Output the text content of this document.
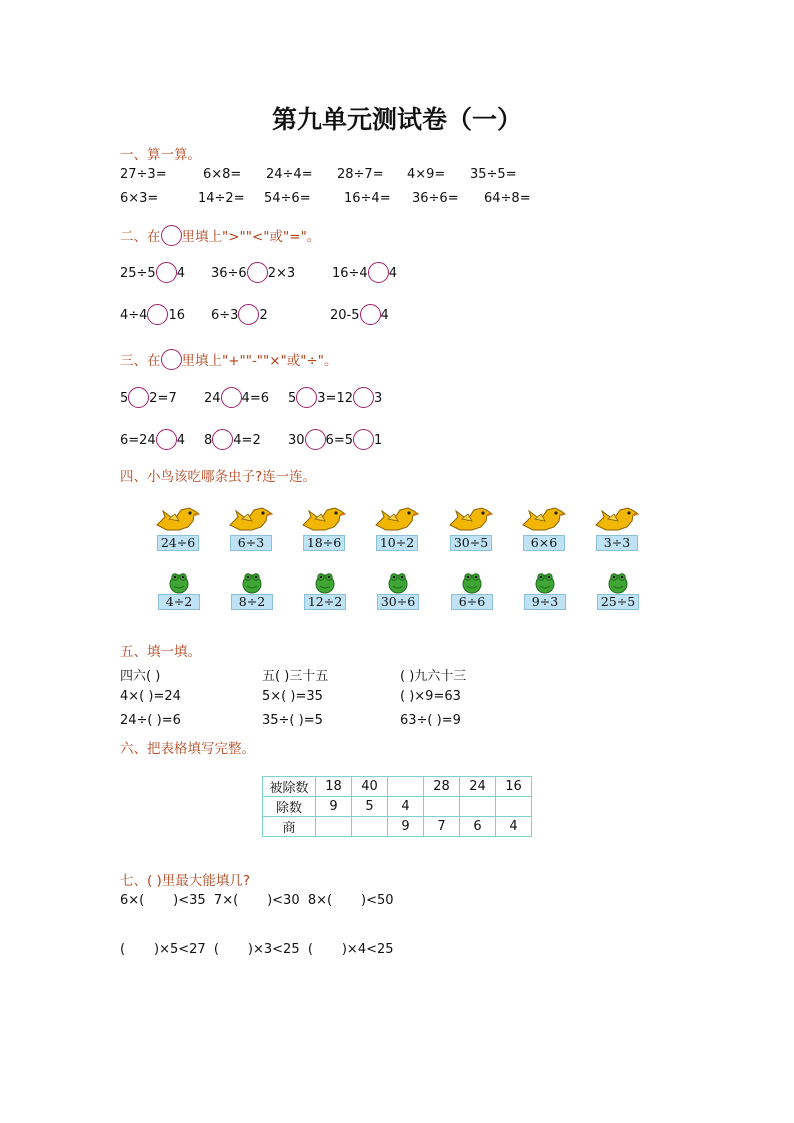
第九单元测试卷（一）
一、算一算。
27÷3=	6×8= 24÷4= 28÷7= 4×9= 35÷5=
6×3=	14÷2= 54÷6=	16÷4= 36÷6= 64÷8=
二、在 里填上">""<"或"="。
25÷5 4 36÷6 2×3	16÷4 4
4÷4 16 6÷3 2	20-5 4
三、在 里填上"+""-""×"或"÷"。
5 2=7 24 4=6 5 3=12 3
6=24 4 8 4=2 30 6=5 1
四、小鸟该吃哪条虫子?连一连。
24÷6	6÷3	18÷6	10÷2	30÷5	6×6	3÷3
4÷2	8÷2	12÷2	30÷6	6÷6	9÷3	25÷5
五、填一填。
四六( )	五( )三十五	( )九六十三
4×( )=24	5×( )=35	( )×9=63
24÷( )=6	35÷( )=5	63÷( )=9
六、把表格填写完整。
被除数	18	40		28	24	16
除数	9	5	4			
商			9	7	6	4
七、( )里最大能填几?
6×(       )<35  7×(       )<30  8×(       )<50
(       )×5<27  (       )×3<25  (       )×4<25
